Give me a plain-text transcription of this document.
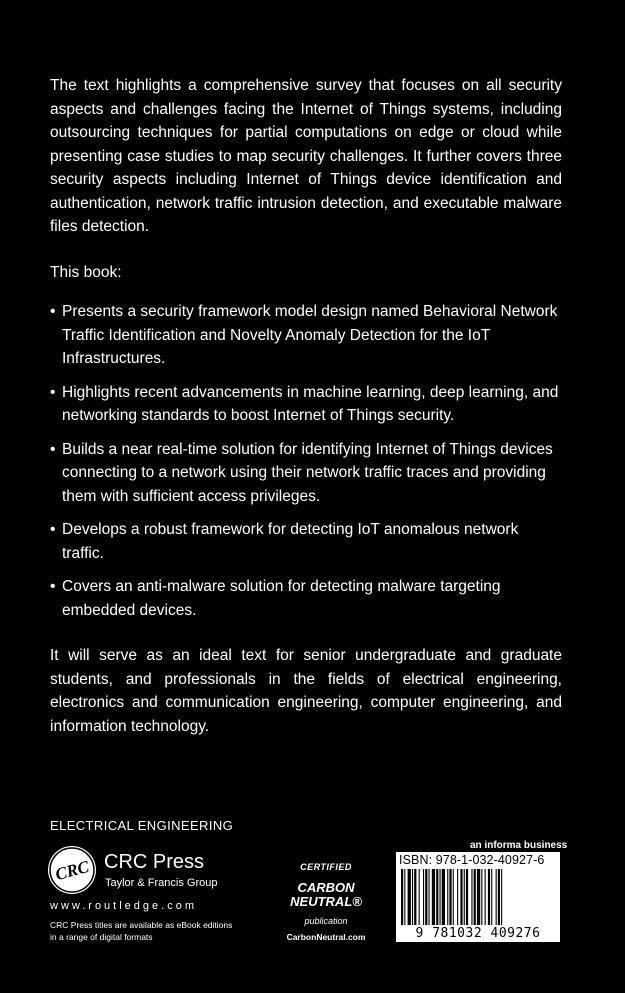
The text highlights a comprehensive survey that focuses on all security aspects and challenges facing the Internet of Things systems, including outsourcing techniques for partial computations on edge or cloud while presenting case studies to map security challenges. It further covers three security aspects including Internet of Things device identification and authentication, network traffic intrusion detection, and executable malware files detection.

This book:

• Presents a security framework model design named Behavioral Network Traffic Identification and Novelty Anomaly Detection for the IoT Infrastructures.
• Highlights recent advancements in machine learning, deep learning, and networking standards to boost Internet of Things security.
• Builds a near real-time solution for identifying Internet of Things devices connecting to a network using their network traffic traces and providing them with sufficient access privileges.
• Develops a robust framework for detecting IoT anomalous network traffic.
• Covers an anti-malware solution for detecting malware targeting embedded devices.

It will serve as an ideal text for senior undergraduate and graduate students, and professionals in the fields of electrical engineering, electronics and communication engineering, computer engineering, and information technology.

ELECTRICAL ENGINEERING
CRC CRC Press
Taylor & Francis Group
www.routledge.com
CRC Press titles are available as eBook editions
in a range of digital formats
CERTIFIED
CARBON
NEUTRAL®
publication
CarbonNeutral.com
an informa business
ISBN: 978-1-032-40927-6
9 781032 409276
